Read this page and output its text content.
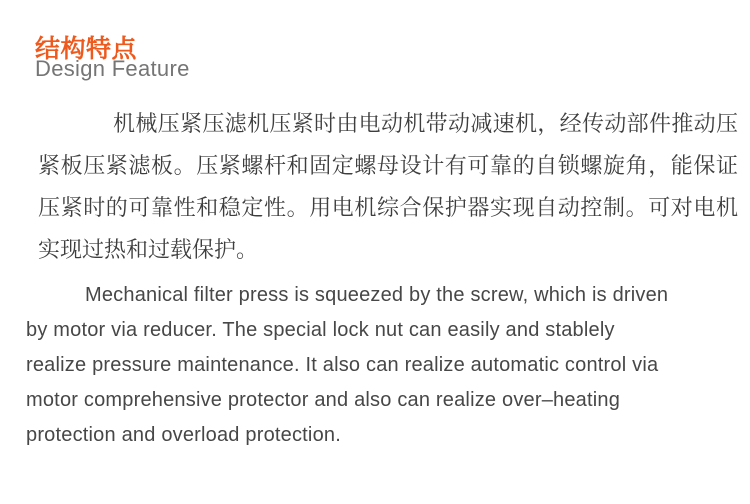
结构特点
Design Feature
机械压紧压滤机压紧时由电动机带动减速机，经传动部件推动压
紧板压紧滤板。压紧螺杆和固定螺母设计有可靠的自锁螺旋角，能保证
压紧时的可靠性和稳定性。用电机综合保护器实现自动控制。可对电机
实现过热和过载保护。
Mechanical filter press is squeezed by the screw, which is driven
by motor via reducer. The special lock nut can easily and stablely
realize pressure maintenance. It also can realize automatic control via
motor comprehensive protector and also can realize over–heating
protection and overload protection.
